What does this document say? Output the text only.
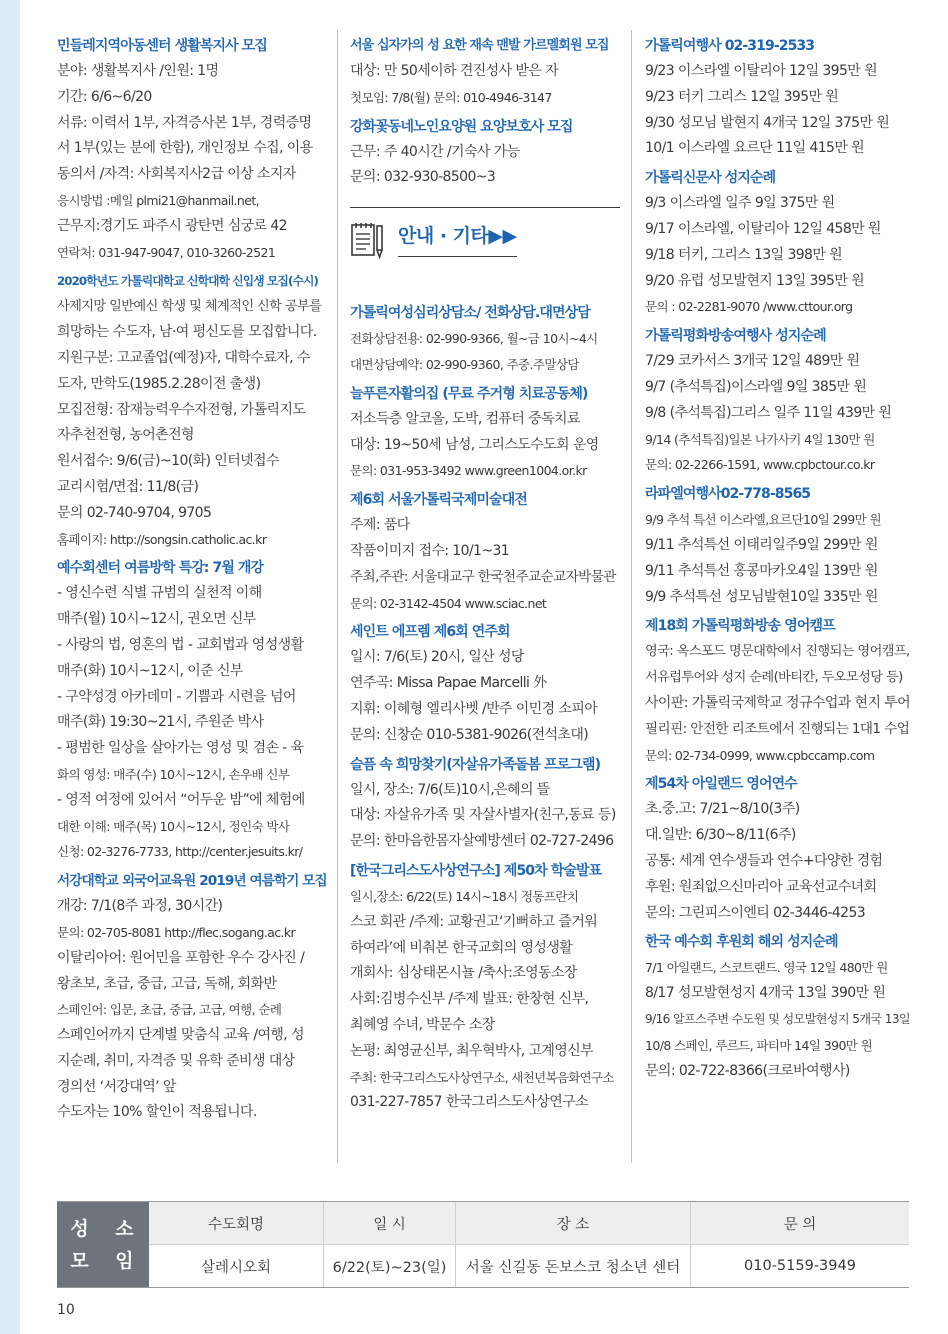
민들레지역아동센터 생활복지사 모집
분야: 생활복지사 /인원: 1명
기간: 6/6~6/20
서류: 이력서 1부, 자격증사본 1부, 경력증명
서 1부(있는 분에 한함), 개인정보 수집, 이용
동의서 /자격: 사회복지사2급 이상 소지자
응시방법 :메일 plmi21@hanmail.net,
근무지:경기도 파주시 광탄면 심궁로 42
연락처: 031-947-9047, 010-3260-2521
2020학년도 가톨릭대학교 신학대학 신입생 모집(수시)
사제지망 일반예신 학생 및 체계적인 신학 공부를
희망하는 수도자, 남·여 평신도를 모집합니다.
지원구분: 고교졸업(예정)자, 대학수료자, 수
도자, 만학도(1985.2.28이전 출생)
모집전형: 잠재능력우수자전형, 가톨릭지도
자추천전형, 농어촌전형
원서접수: 9/6(금)~10(화) 인터넷접수
교리시험/면접: 11/8(금)
문의 02-740-9704, 9705
홈페이지: http://songsin.catholic.ac.kr
예수회센터 여름방학 특강: 7월 개강
- 영신수련 식별 규범의 실천적 이해
매주(월) 10시~12시, 권오면 신부
- 사랑의 법, 영혼의 법 - 교회법과 영성생활
매주(화) 10시~12시, 이준 신부
- 구약성경 아카데미 - 기쁨과 시련을 넘어
매주(화) 19:30~21시, 주원준 박사
- 평범한 일상을 살아가는 영성 및 겸손 - 육
화의 영성: 매주(수) 10시~12시, 손우배 신부
- 영적 여정에 있어서 “어두운 밤”에 체험에
대한 이해: 매주(목) 10시~12시, 정인숙 박사
신청: 02-3276-7733, http://center.jesuits.kr/
서강대학교 외국어교육원 2019년 여름학기 모집
개강: 7/1(8주 과정, 30시간)
문의: 02-705-8081 http://flec.sogang.ac.kr
이탈리아어: 원어민을 포함한 우수 강사진 /
왕초보, 초급, 중급, 고급, 독해, 회화반
스페인어: 입문, 초급, 중급, 고급, 여행, 순례
스페인어까지 단계별 맞춤식 교육 /여행, 성
지순례, 취미, 자격증 및 유학 준비생 대상
경의선 ‘서강대역’ 앞
수도자는 10% 할인이 적용됩니다.
서울 십자가의 성 요한 재속 맨발 가르멜회원 모집
대상: 만 50세이하 견진성사 받은 자
첫모임: 7/8(월) 문의: 010-4946-3147
강화꽃동네노인요양원 요양보호사 모집
근무: 주 40시간 /기숙사 가능
문의: 032-930-8500~3
안내 · 기타▶▶
가톨릭여성심리상담소/ 전화상담.대면상담
전화상담전용: 02-990-9366, 월~금 10시~4시
대면상담예약: 02-990-9360, 주중.주말상담
늘푸른자활의집 (무료 주거형 치료공동체)
저소득층 알코올, 도박, 컴퓨터 중독치료
대상: 19~50세 남성, 그리스도수도회 운영
문의: 031-953-3492 www.green1004.or.kr
제6회 서울가톨릭국제미술대전
주제: 품다
작품이미지 접수: 10/1~31
주최,주관: 서울대교구 한국천주교순교자박물관
문의: 02-3142-4504 www.sciac.net
세인트 에프렘 제6회 연주회
일시: 7/6(토) 20시, 일산 성당
연주곡: Missa Papae Marcelli 外
지휘: 이혜형 엘리사벳 /반주 이민경 소피아
문의: 신창순 010-5381-9026(전석초대)
슬픔 속 희망찾기(자살유가족돌봄 프로그램)
일시, 장소: 7/6(토)10시,은혜의 뜰
대상: 자살유가족 및 자살사별자(친구,동료 등)
문의: 한마음한몸자살예방센터 02-727-2496
[한국그리스도사상연구소] 제50차 학술발표
일시,장소: 6/22(토) 14시~18시 정동프란치
스코 회관 /주제: 교황권고‘기뻐하고 즐거워
하여라’에 비춰본 한국교회의 영성생활
개회사: 심상태몬시뇰 /축사:조영동소장
사회:김병수신부 /주제 발표: 한창현 신부,
최혜영 수녀, 박문수 소장
논평: 최영균신부, 최우혁박사, 고계영신부
주최: 한국그리스도사상연구소, 새천년복음화연구소
031-227-7857 한국그리스도사상연구소
가톨릭여행사 02-319-2533
9/23 이스라엘 이탈리아 12일 395만 원
9/23 터키 그리스 12일 395만 원
9/30 성모님 발현지 4개국 12일 375만 원
10/1 이스라엘 요르단 11일 415만 원
가톨릭신문사 성지순례
9/3 이스라엘 일주 9일 375만 원
9/17 이스라엘, 이탈리아 12일 458만 원
9/18 터키, 그리스 13일 398만 원
9/20 유럽 성모발현지 13일 395만 원
문의 : 02-2281-9070 /www.cttour.org
가톨릭평화방송여행사 성지순례
7/29 코카서스 3개국 12일 489만 원
9/7 (추석특집)이스라엘 9일 385만 원
9/8 (추석특집)그리스 일주 11일 439만 원
9/14 (추석특집)일본 나가사키 4일 130만 원
문의: 02-2266-1591, www.cpbctour.co.kr
라파엘여행사02-778-8565
9/9 추석 특선 이스라엘,요르단10일 299만 원
9/11 추석특선 이태리일주9일 299만 원
9/11 추석특선 홍콩마카오4일 139만 원
9/9 추석특선 성모님발현10일 335만 원
제18회 가톨릭평화방송 영어캠프
영국: 옥스포드 명문대학에서 진행되는 영어캠프,
서유럽투어와 성지 순례(바티칸, 두오모성당 등)
사이판: 가톨릭국제학교 정규수업과 현지 투어
필리핀: 안전한 리조트에서 진행되는 1대1 수업
문의: 02-734-0999, www.cpbccamp.com
제54차 아일랜드 영어연수
초.중.고: 7/21~8/10(3주)
대.일반: 6/30~8/11(6주)
공통: 세계 연수생들과 연수+다양한 경험
후원: 원죄없으신마리아 교육선교수녀회
문의: 그린피스이엔티 02-3446-4253
한국 예수회 후원회 해외 성지순례
7/1 아일랜드, 스코트랜드. 영국 12일 480만 원
8/17 성모발현성지 4개국 13일 390만 원
9/16 알프스주변 수도원 및 성모발현성지 5개국 13일
10/8 스페인, 루르드, 파티마 14일 390만 원
문의: 02-722-8366(크로바여행사)
성 소
모 임
수도회명	일 시	장 소	문 의
살레시오회	6/22(토)~23(일)	서울 신길동 돈보스코 청소년 센터	010-5159-3949
10
